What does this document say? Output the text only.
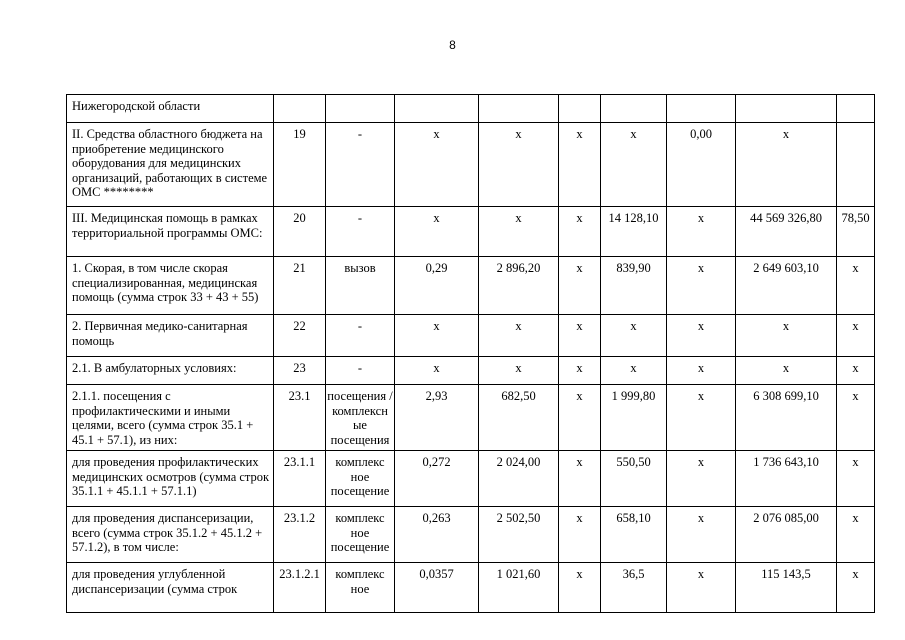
8
Нижегородской области									
II. Средства областного бюджета на приобретение медицинского оборудования для медицинских организаций, работающих в системе ОМС ********	19	-	х	х	х	х	0,00	х	
III. Медицинская помощь в рамках территориальной программы ОМС:	20	-	х	х	х	14 128,10	х	44 569 326,80	78,50
1. Скорая, в том числе скорая специализированная, медицинская помощь (сумма строк 33 + 43 + 55)	21	вызов	0,29	2 896,20	х	839,90	х	2 649 603,10	х
2. Первичная медико-санитарная помощь	22	-	х	х	х	х	х	х	х
2.1. В амбулаторных условиях:	23	-	х	х	х	х	х	х	х
2.1.1. посещения с профилактическими и иными целями, всего (сумма строк 35.1 + 45.1 + 57.1), из них:	23.1	посещения /комплексн ые посещения	2,93	682,50	х	1 999,80	х	6 308 699,10	х
для проведения профилактических медицинских осмотров (сумма строк 35.1.1 + 45.1.1 + 57.1.1)	23.1.1	комплекс ное посещение	0,272	2 024,00	х	550,50	х	1 736 643,10	х
для проведения диспансеризации, всего (сумма строк 35.1.2 + 45.1.2 + 57.1.2), в том числе:	23.1.2	комплекс ное посещение	0,263	2 502,50	х	658,10	х	2 076 085,00	х
для проведения углубленной диспансеризации (сумма строк	23.1.2.1	комплекс ное	0,0357	1 021,60	х	36,5	х	115 143,5	х
